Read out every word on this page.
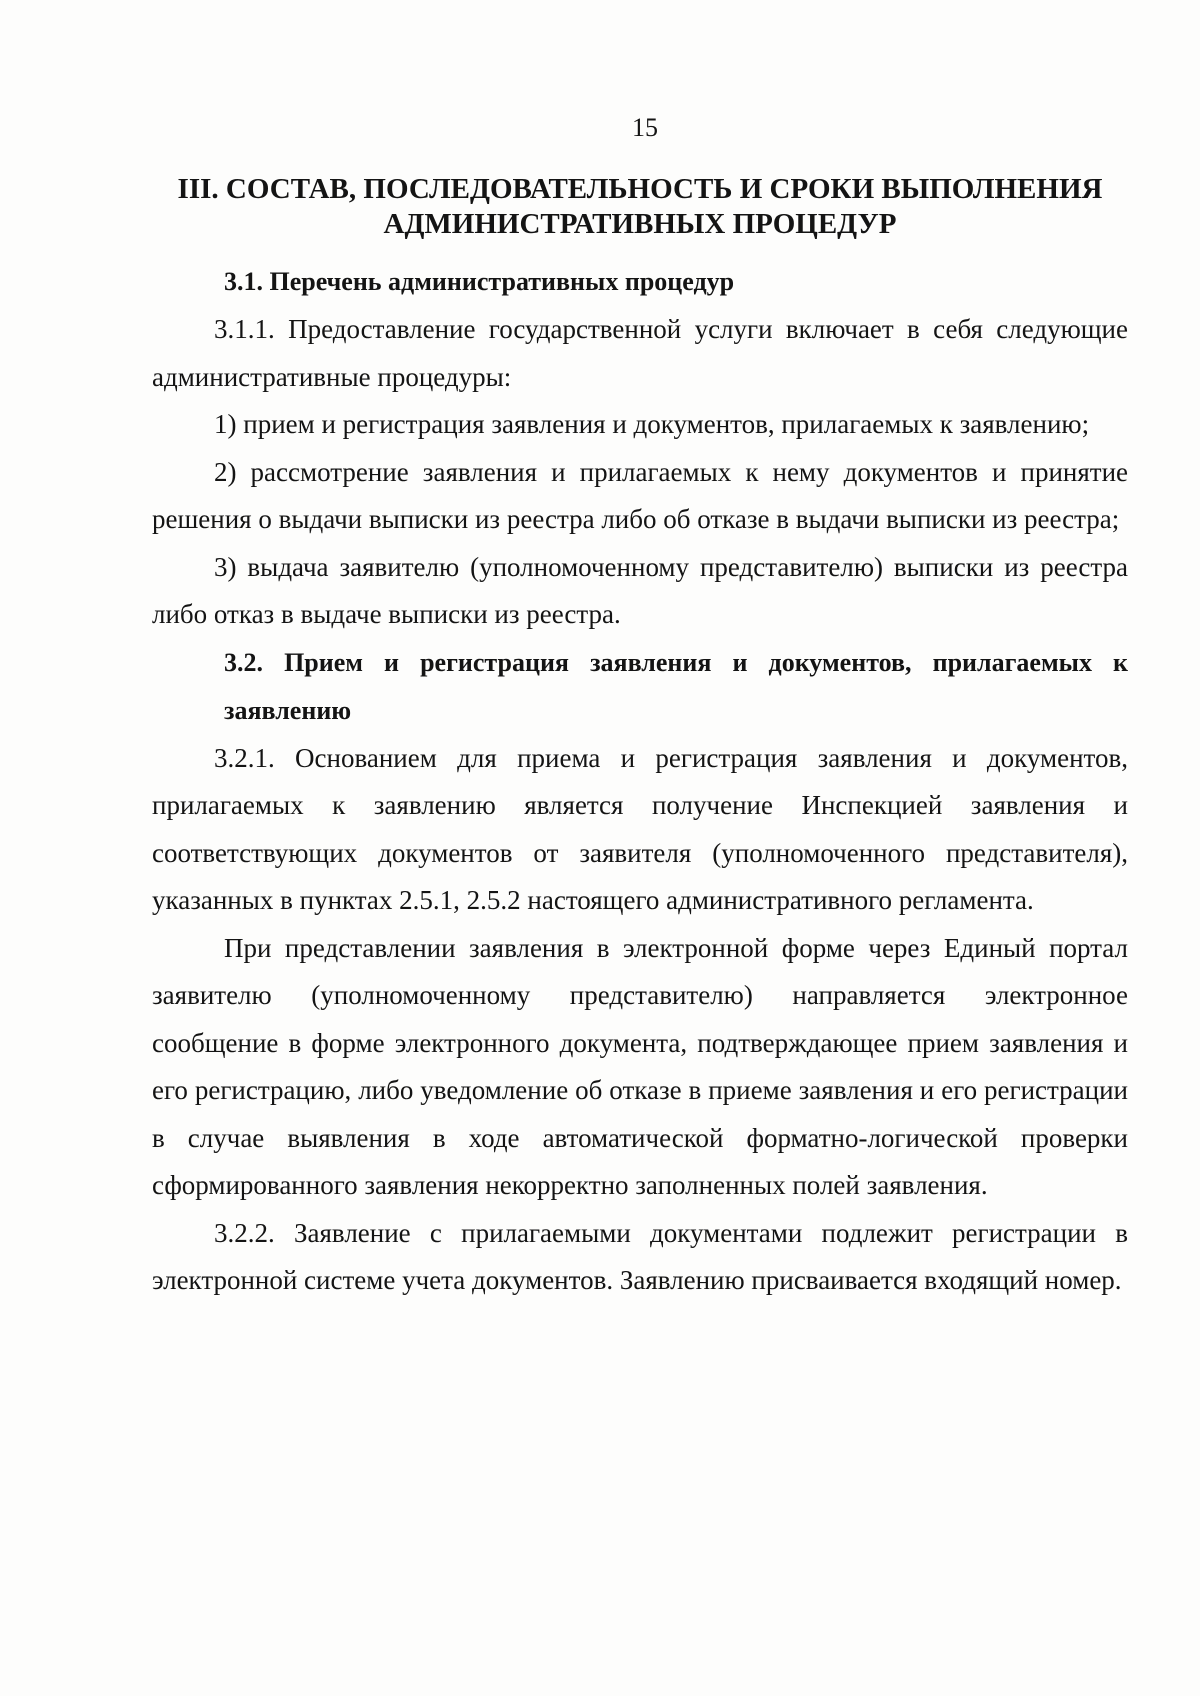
15
III. СОСТАВ, ПОСЛЕДОВАТЕЛЬНОСТЬ И СРОКИ ВЫПОЛНЕНИЯ
АДМИНИСТРАТИВНЫХ ПРОЦЕДУР
3.1. Перечень административных процедур

3.1.1. Предоставление государственной услуги включает в себя следующие административные процедуры:

1) прием и регистрация заявления и документов, прилагаемых к заявлению;

2) рассмотрение заявления и прилагаемых к нему документов и принятие решения о выдачи выписки из реестра либо об отказе в выдачи выписки из реестра;

3) выдача заявителю (уполномоченному представителю) выписки из реестра либо отказ в выдаче выписки из реестра.

3.2. Прием и регистрация заявления и документов, прилагаемых к заявлению

3.2.1. Основанием для приема и регистрация заявления и документов, прилагаемых к заявлению является получение Инспекцией заявления и соответствующих документов от заявителя (уполномоченного представителя), указанных в пунктах 2.5.1, 2.5.2 настоящего административного регламента.

При представлении заявления в электронной форме через Единый портал заявителю (уполномоченному представителю) направляется электронное сообщение в форме электронного документа, подтверждающее прием заявления и его регистрацию, либо уведомление об отказе в приеме заявления и его регистрации в случае выявления в ходе автоматической форматно-логической проверки сформированного заявления некорректно заполненных полей заявления.

3.2.2. Заявление с прилагаемыми документами подлежит регистрации в электронной системе учета документов. Заявлению присваивается входящий номер.
